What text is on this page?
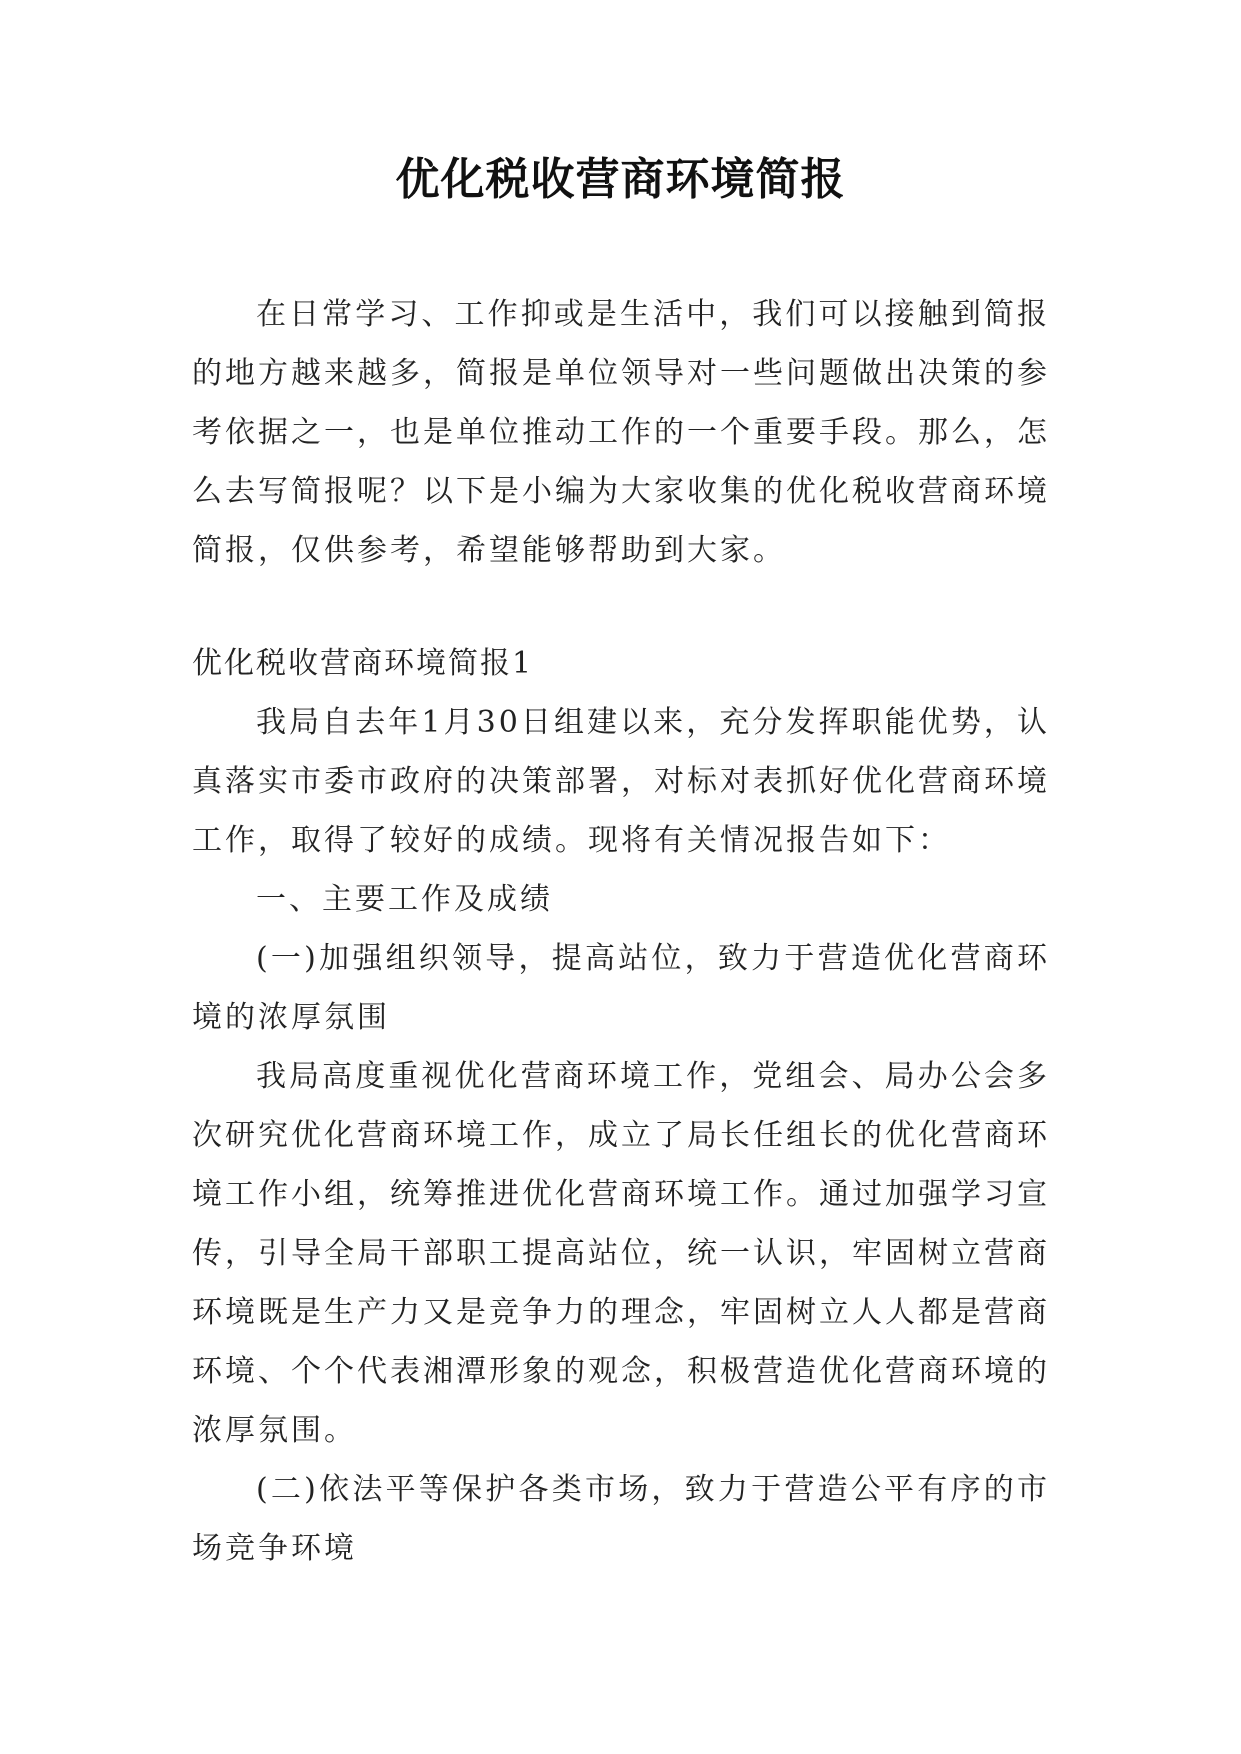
优化税收营商环境简报

在日常学习、工作抑或是生活中，我们可以接触到简报的地方越来越多，简报是单位领导对一些问题做出决策的参考依据之一，也是单位推动工作的一个重要手段。那么，怎么去写简报呢？以下是小编为大家收集的优化税收营商环境简报，仅供参考，希望能够帮助到大家。

优化税收营商环境简报1

我局自去年1月30日组建以来，充分发挥职能优势，认真落实市委市政府的决策部署，对标对表抓好优化营商环境工作，取得了较好的成绩。现将有关情况报告如下：

一、主要工作及成绩

(一)加强组织领导，提高站位，致力于营造优化营商环境的浓厚氛围

我局高度重视优化营商环境工作，党组会、局办公会多次研究优化营商环境工作，成立了局长任组长的优化营商环境工作小组，统筹推进优化营商环境工作。通过加强学习宣传，引导全局干部职工提高站位，统一认识，牢固树立营商环境既是生产力又是竞争力的理念，牢固树立人人都是营商环境、个个代表湘潭形象的观念，积极营造优化营商环境的浓厚氛围。

(二)依法平等保护各类市场，致力于营造公平有序的市场竞争环境
